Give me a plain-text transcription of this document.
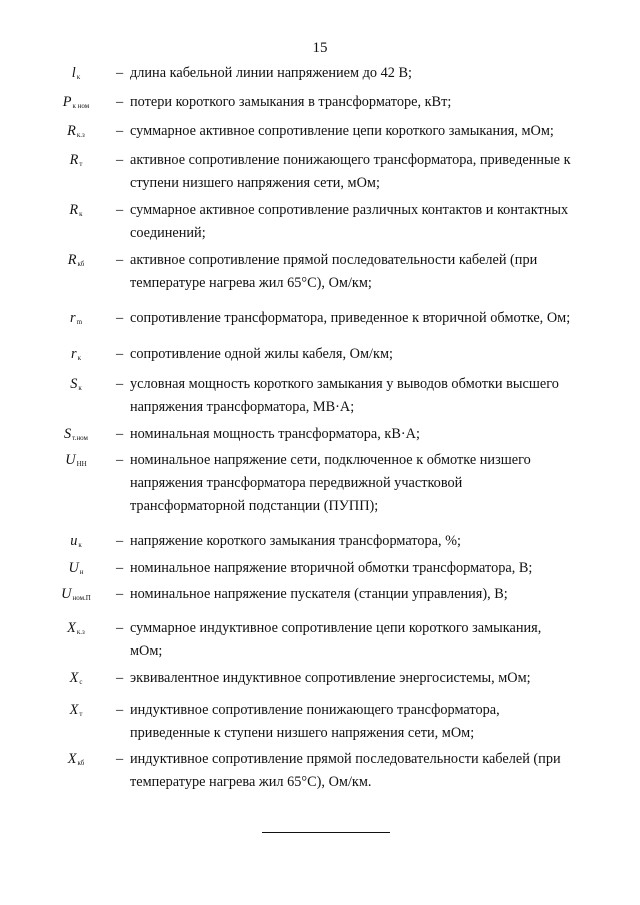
15
$l_к$	– длина кабельной линии напряжением до 42 В;
$P_{к ном}$	– потери короткого замыкания в трансформаторе, кВт;
$R_{к.з}$	– суммарное активное сопротивление цепи короткого замыкания, мОм;
$R_т$	– активное сопротивление понижающего трансформатора, приведенные к
ступени низшего напряжения сети, мОм;
$R_к$	– суммарное активное сопротивление различных контактов и контактных
соединений;
$R_{кб}$	– активное сопротивление прямой последовательности кабелей (при
температуре нагрева жил 65°С), Ом/км;
$r_m$	– сопротивление трансформатора, приведенное к вторичной обмотке, Ом;
$r_к$	– сопротивление одной жилы кабеля, Ом/км;
$S_к$	– условная мощность короткого замыкания у выводов обмотки высшего
напряжения трансформатора, МВ·А;
$S_{т.ном}$	– номинальная мощность трансформатора, кВ·А;
$U_{НН}$	– номинальное напряжение сети, подключенное к обмотке низшего
напряжения трансформатора передвижной участковой
трансформаторной подстанции (ПУПП);
$u_к$	– напряжение короткого замыкания трансформатора, %;
$U_н$	– номинальное напряжение вторичной обмотки трансформатора, В;
$U_{ном.П}$	– номинальное напряжение пускателя (станции управления), В;
$X_{к.з}$	– суммарное индуктивное сопротивление цепи короткого замыкания,
мОм;
$X_с$	– эквивалентное индуктивное сопротивление энергосистемы, мОм;
$X_т$	– индуктивное сопротивление понижающего трансформатора,
приведенные к ступени низшего напряжения сети, мОм;
$X_{кб}$	– индуктивное сопротивление прямой последовательности кабелей (при
температуре нагрева жил 65°С), Ом/км.
